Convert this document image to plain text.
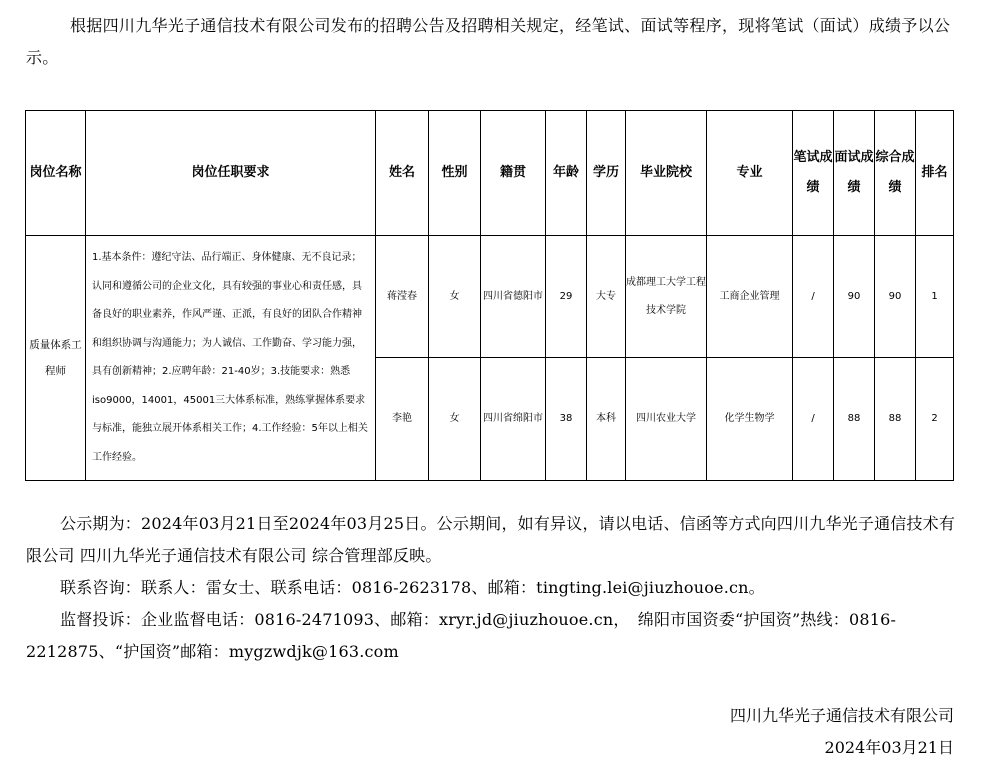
根据四川九华光子通信技术有限公司发布的招聘公告及招聘相关规定，经笔试、面试等程序，现将笔试（面试）成绩予以公示。

岗位名称	岗位任职要求	姓名	性别	籍贯	年龄	学历	毕业院校	专业	笔试成绩	面试成绩	综合成绩	排名
质量体系工程师	1.基本条件：遵纪守法、品行端正、身体健康、无不良记录；认同和遵循公司的企业文化，具有较强的事业心和责任感，具备良好的职业素养，作风严谨、正派，有良好的团队合作精神和组织协调与沟通能力；为人诚信、工作勤奋、学习能力强，具有创新精神；2.应聘年龄：21-40岁；3.技能要求：熟悉iso9000，14001，45001三大体系标准，熟练掌握体系要求与标准，能独立展开体系相关工作；4.工作经验：5年以上相关工作经验。	蒋滢春	女	四川省德阳市	29	大专	成都理工大学工程技术学院	工商企业管理	/	90	90	1
		李艳	女	四川省绵阳市	38	本科	四川农业大学	化学生物学	/	88	88	2

公示期为：2024年03月21日至2024年03月25日。公示期间，如有异议，请以电话、信函等方式向四川九华光子通信技术有限公司 四川九华光子通信技术有限公司 综合管理部反映。

联系咨询：联系人：雷女士、联系电话：0816-2623178、邮箱：tingting.lei@jiuzhouoe.cn。

监督投诉：企业监督电话：0816-2471093、邮箱：xryr.jd@jiuzhouoe.cn，　绵阳市国资委“护国资”热线：0816-2212875、“护国资”邮箱：mygzwdjk@163.com

四川九华光子通信技术有限公司
2024年03月21日
